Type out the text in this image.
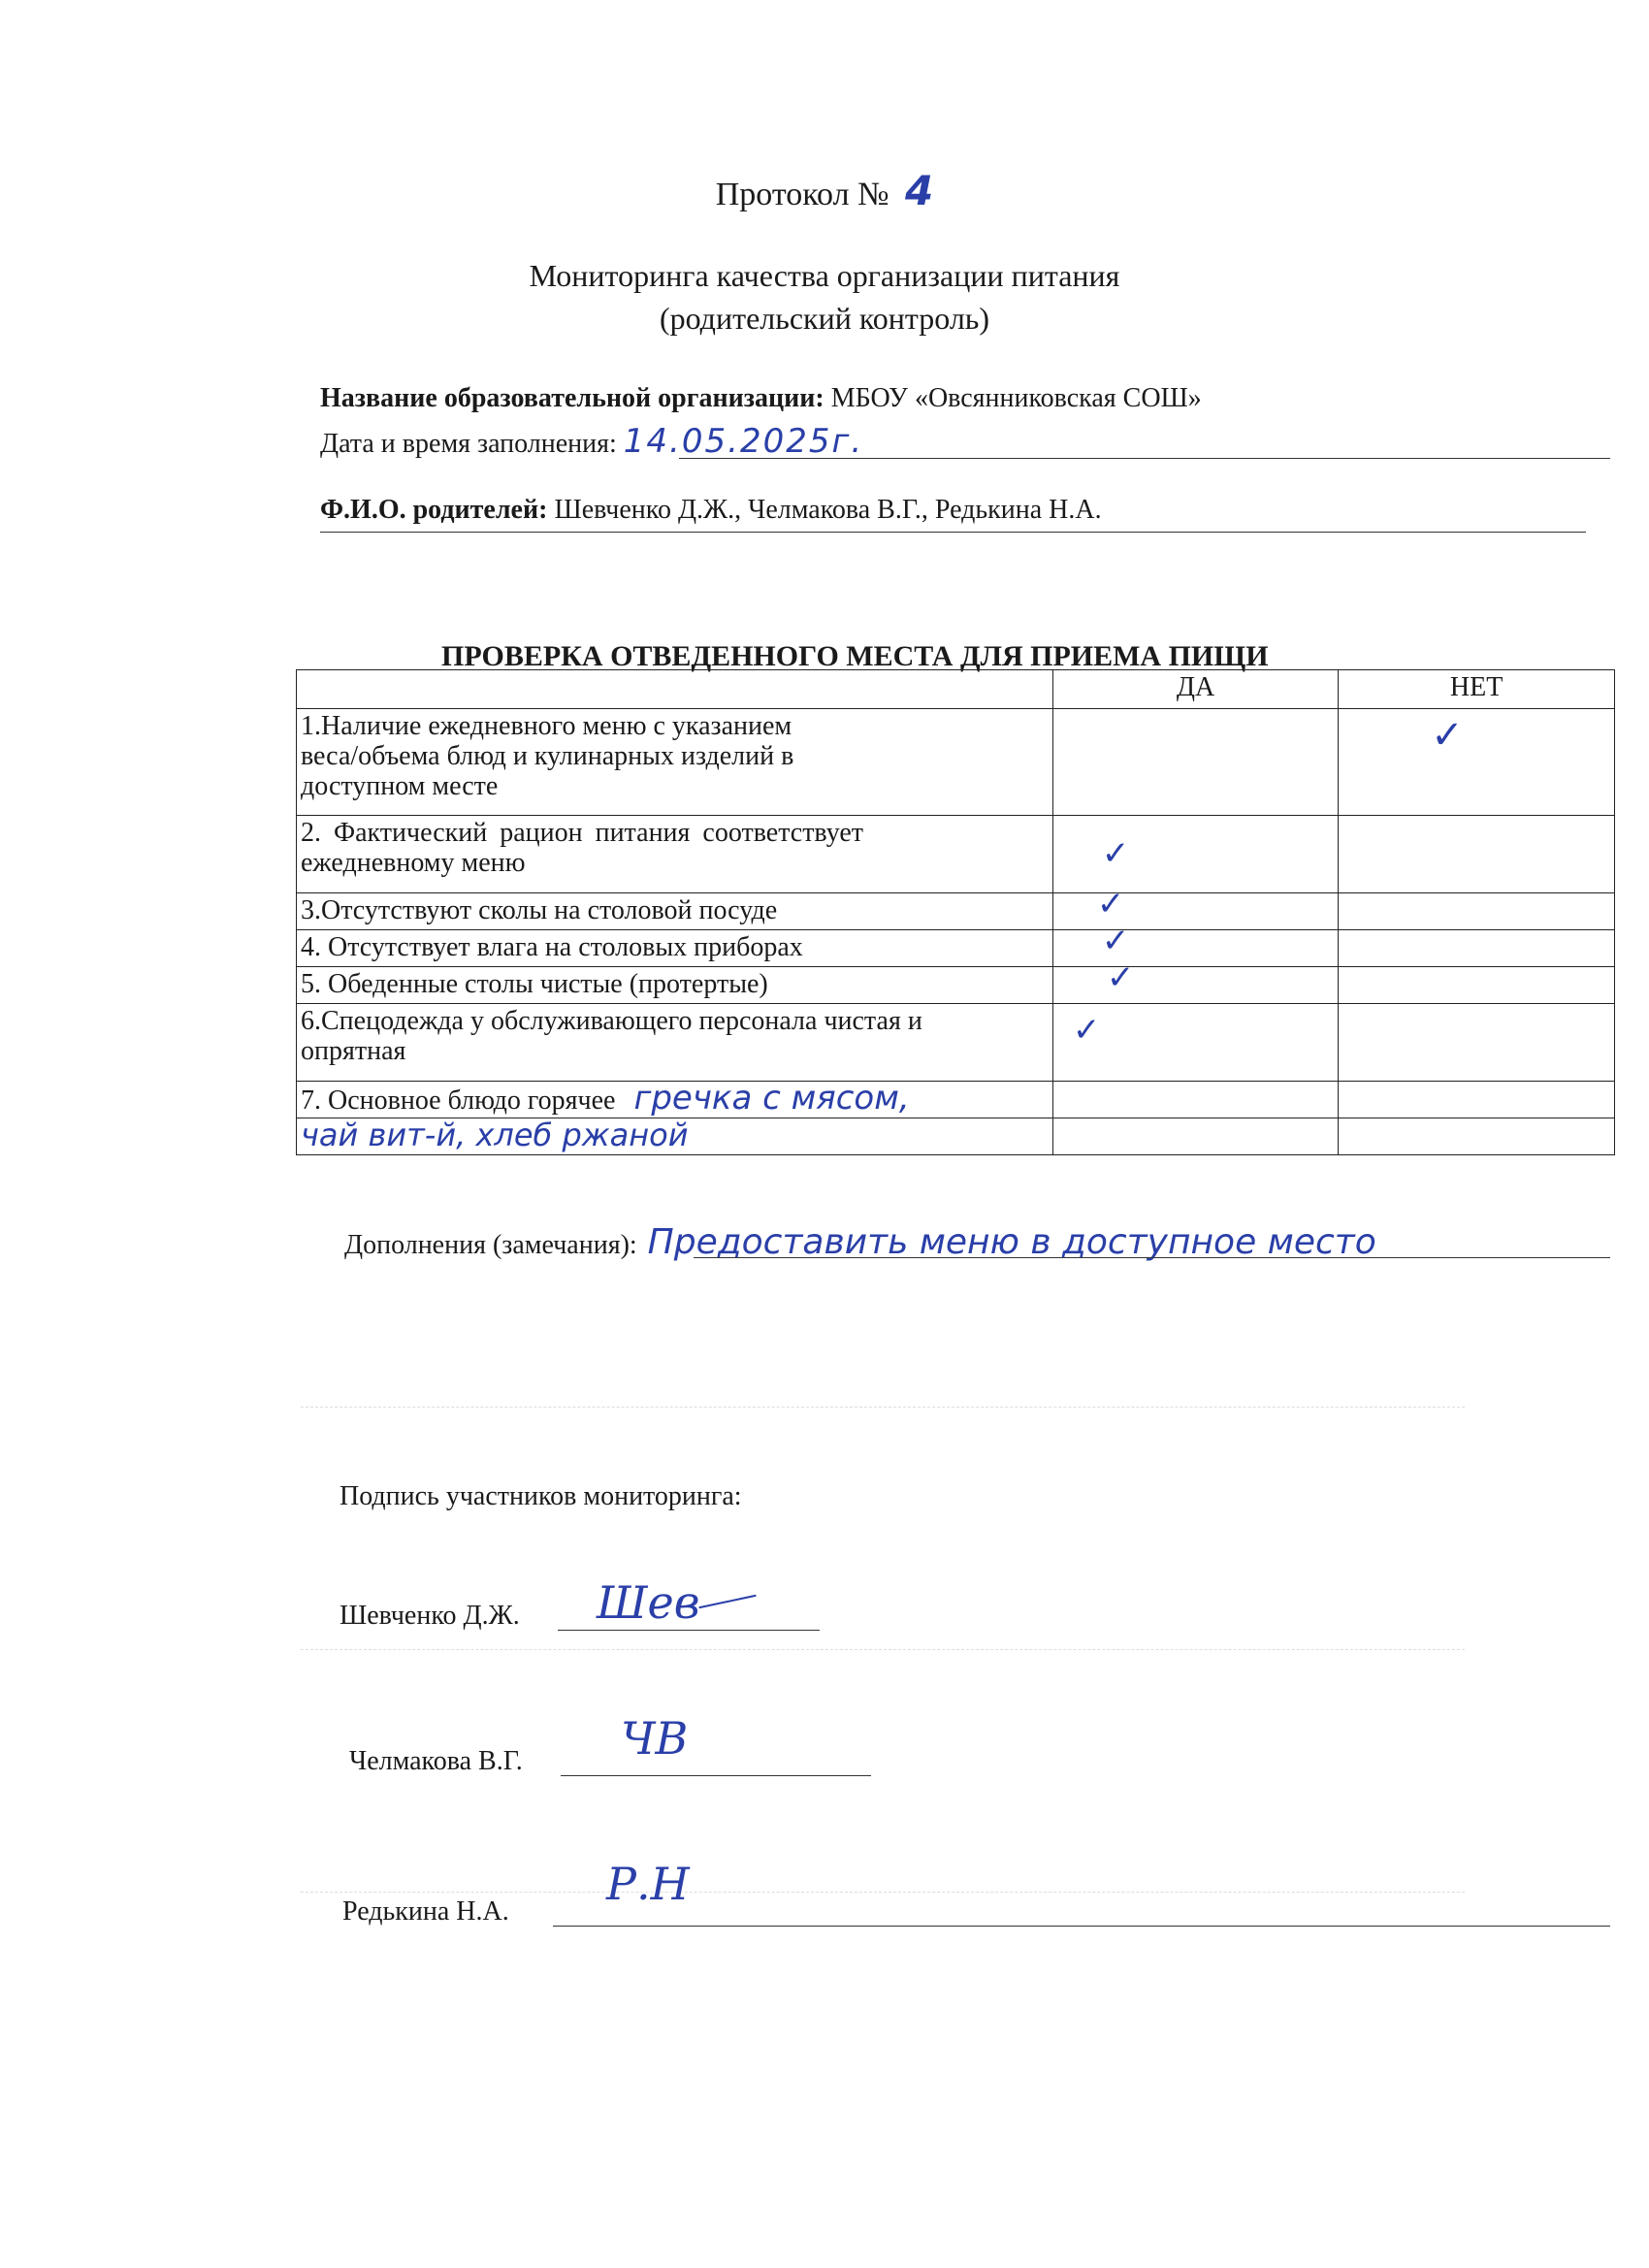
Протокол № 4
Мониторинга качества организации питания
(родительский контроль)
Название образовательной организации: МБОУ «Овсянниковская СОШ»
Дата и время заполнения: 14.05.2025г.
Ф.И.О. родителей: Шевченко Д.Ж., Челмакова В.Г., Редькина Н.А.
ПРОВЕРКА ОТВЕДЕННОГО МЕСТА ДЛЯ ПРИЕМА ПИЩИ
	ДА	НЕТ

1.Наличие ежедневного меню с указанием
веса/объема блюд и кулинарных изделий в
доступном месте		✓

2. Фактический рацион питания соответствует
ежедневному меню	✓	

3.Отсутствуют сколы на столовой посуде	✓	

4. Отсутствует влага на столовых приборах	✓	

5. Обеденные столы чистые (протертые)	✓	

6.Спецодежда у обслуживающего персонала чистая и
опрятная	✓	

7. Основное блюдо горячее гречка с мясом,		
чай вит-й, хлеб ржаной		
Дополнения (замечания): Предоставить меню в доступное место
Подпись участников мониторинга:
Шевченко Д.Ж. Шев
Челмакова В.Г. ЧВ
Редькина Н.А.
Р.Н
